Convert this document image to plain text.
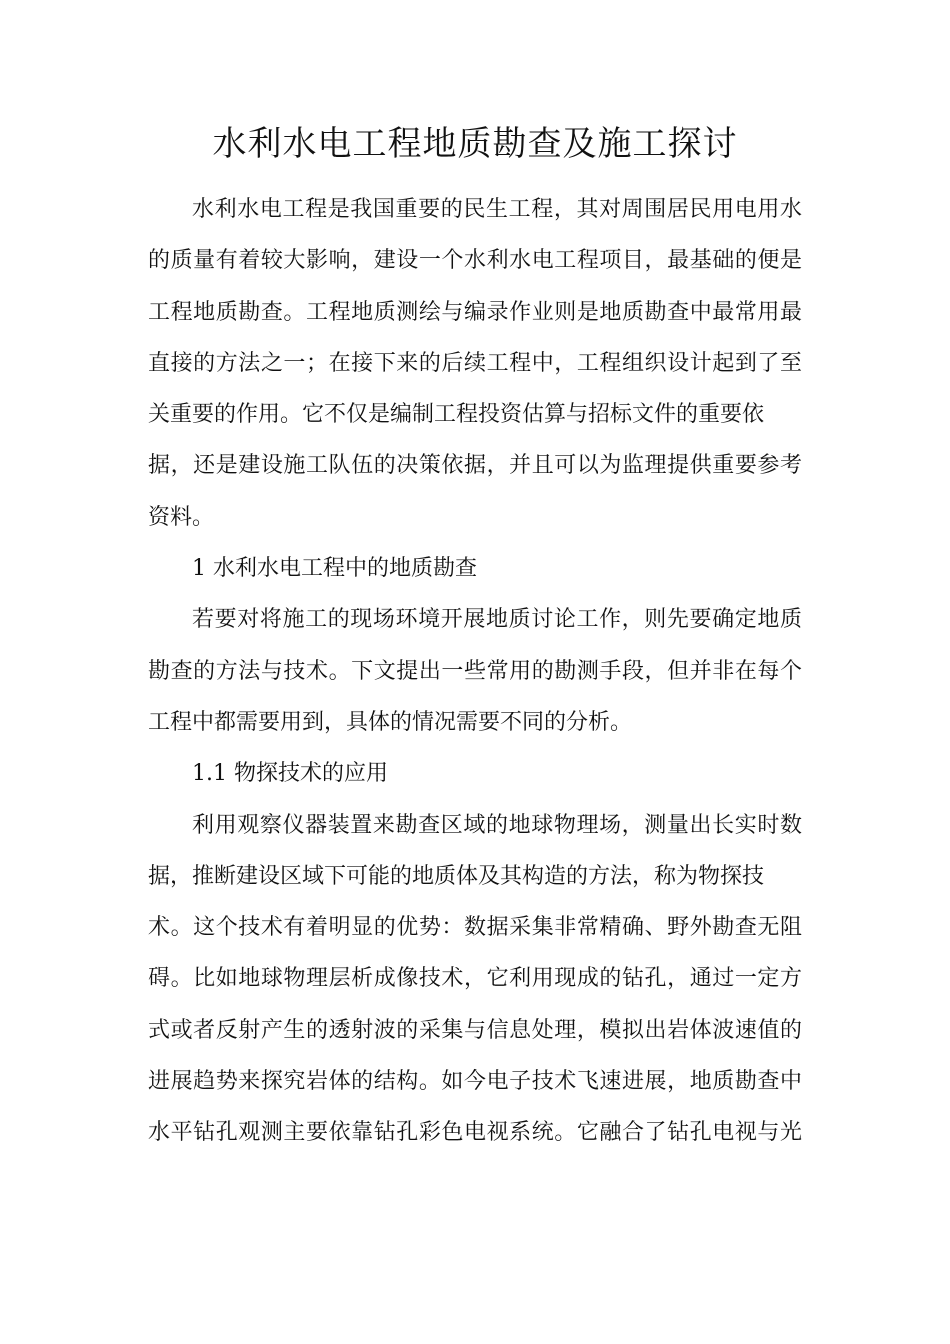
水利水电工程地质勘查及施工探讨
水利水电工程是我国重要的民生工程，其对周围居民用电用水
的质量有着较大影响，建设一个水利水电工程项目，最基础的便是
工程地质勘查。工程地质测绘与编录作业则是地质勘查中最常用最
直接的方法之一；在接下来的后续工程中，工程组织设计起到了至
关重要的作用。它不仅是编制工程投资估算与招标文件的重要依
据，还是建设施工队伍的决策依据，并且可以为监理提供重要参考
资料。
1 水利水电工程中的地质勘查
若要对将施工的现场环境开展地质讨论工作，则先要确定地质
勘查的方法与技术。下文提出一些常用的勘测手段，但并非在每个
工程中都需要用到，具体的情况需要不同的分析。
1.1 物探技术的应用
利用观察仪器装置来勘查区域的地球物理场，测量出长实时数
据，推断建设区域下可能的地质体及其构造的方法，称为物探技
术。这个技术有着明显的优势：数据采集非常精确、野外勘查无阻
碍。比如地球物理层析成像技术，它利用现成的钻孔，通过一定方
式或者反射产生的透射波的采集与信息处理，模拟出岩体波速值的
进展趋势来探究岩体的结构。如今电子技术飞速进展，地质勘查中
水平钻孔观测主要依靠钻孔彩色电视系统。它融合了钻孔电视与光
